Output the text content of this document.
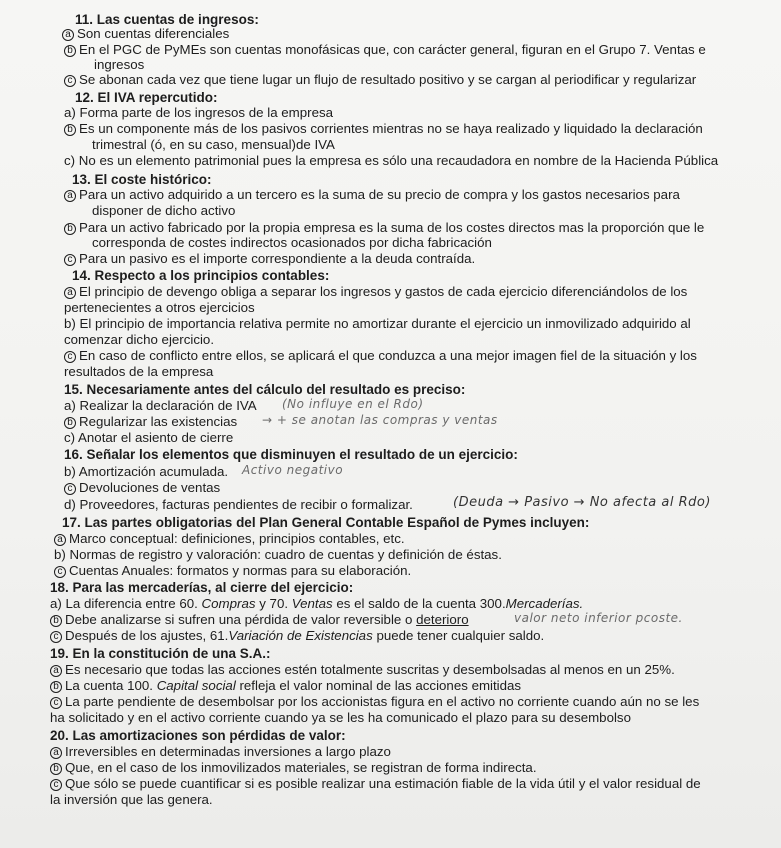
11. Las cuentas de ingresos:
a Son cuentas diferenciales
b En el PGC de PyMEs son cuentas monofásicas que, con carácter general, figuran en el Grupo 7. Ventas e
ingresos
c Se abonan cada vez que tiene lugar un flujo de resultado positivo y se cargan al periodificar y regularizar
12. El IVA repercutido:
a) Forma parte de los ingresos de la empresa
b Es un componente más de los pasivos corrientes mientras no se haya realizado y liquidado la declaración
trimestral (ó, en su caso, mensual)de IVA
c) No es un elemento patrimonial pues la empresa es sólo una recaudadora en nombre de la Hacienda Pública
13. El coste histórico:
a Para un activo adquirido a un tercero es la suma de su precio de compra y los gastos necesarios para
disponer de dicho activo
b Para un activo fabricado por la propia empresa es la suma de los costes directos mas la proporción que le
corresponda de costes indirectos ocasionados por dicha fabricación
c Para un pasivo es el importe correspondiente a la deuda contraída.
14. Respecto a los principios contables:
a El principio de devengo obliga a separar los ingresos y gastos de cada ejercicio diferenciándolos de los
pertenecientes a otros ejercicios
b) El principio de importancia relativa permite no amortizar durante el ejercicio un inmovilizado adquirido al
comenzar dicho ejercicio.
c En caso de conflicto entre ellos, se aplicará el que conduzca a una mejor imagen fiel de la situación y los
resultados de la empresa
15. Necesariamente antes del cálculo del resultado es preciso:
a) Realizar la declaración de IVA (No influye en el Rdo)
b Regularizar las existencias → + se anotan las compras y ventas
c) Anotar el asiento de cierre
16. Señalar los elementos que disminuyen el resultado de un ejercicio:
b) Amortización acumulada. Activo negativo
c Devoluciones de ventas
d) Proveedores, facturas pendientes de recibir o formalizar.	(Deuda → Pasivo → No afecta al Rdo)
17. Las partes obligatorias del Plan General Contable Español de Pymes incluyen:
a Marco conceptual: definiciones, principios contables, etc.
b) Normas de registro y valoración: cuadro de cuentas y definición de éstas.
c Cuentas Anuales: formatos y normas para su elaboración.
18. Para las mercaderías, al cierre del ejercicio:
a) La diferencia entre 60. Compras y 70. Ventas es el saldo de la cuenta 300.Mercaderías.
b Debe analizarse si sufren una pérdida de valor reversible o deterioro	valor neto inferior pcoste.
c Después de los ajustes, 61.Variación de Existencias puede tener cualquier saldo.
19. En la constitución de una S.A.:
a Es necesario que todas las acciones estén totalmente suscritas y desembolsadas al menos en un 25%.
b La cuenta 100. Capital social refleja el valor nominal de las acciones emitidas
c La parte pendiente de desembolsar por los accionistas figura en el activo no corriente cuando aún no se les
ha solicitado y en el activo corriente cuando ya se les ha comunicado el plazo para su desembolso
20. Las amortizaciones son pérdidas de valor:
a Irreversibles en determinadas inversiones a largo plazo
b Que, en el caso de los inmovilizados materiales, se registran de forma indirecta.
c Que sólo se puede cuantificar si es posible realizar una estimación fiable de la vida útil y el valor residual de
la inversión que las genera.
